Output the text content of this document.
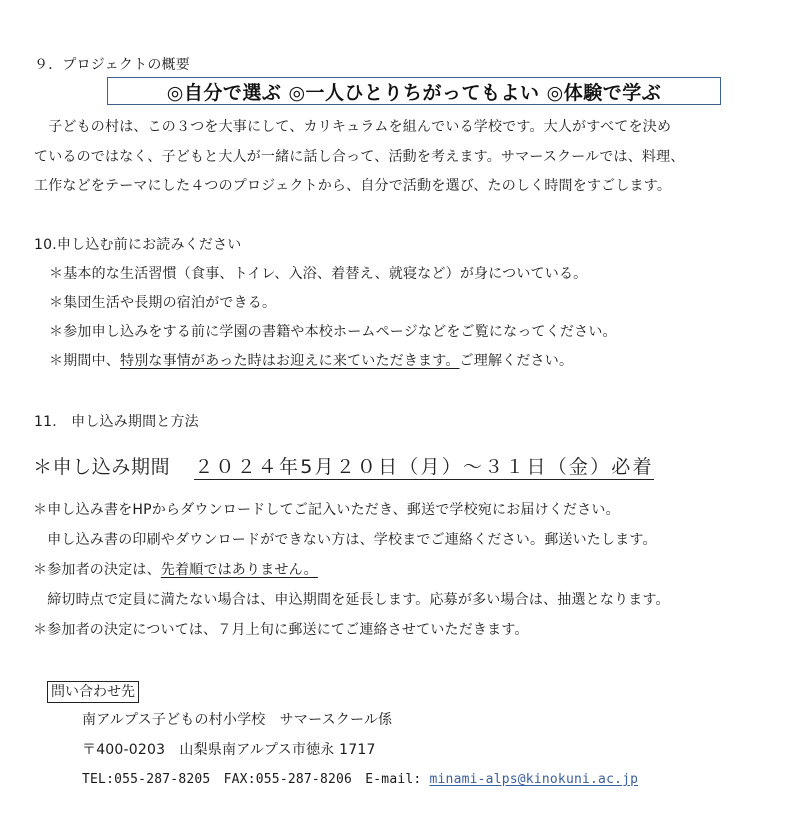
９．プロジェクトの概要
◎自分で選ぶ ◎一人ひとりちがってもよい ◎体験で学ぶ
　子どもの村は、この３つを大事にして、カリキュラムを組んでいる学校です。大人がすべてを決め
ているのではなく、子どもと大人が一緒に話し合って、活動を考えます。サマースクールでは、料理、
工作などをテーマにした４つのプロジェクトから、自分で活動を選び、たのしく時間をすごします。
10.申し込む前にお読みください
＊基本的な生活習慣（食事、トイレ、入浴、着替え、就寝など）が身についている。
＊集団生活や長期の宿泊ができる。
＊参加申し込みをする前に学園の書籍や本校ホームページなどをご覧になってください。
＊期間中、特別な事情があった時はお迎えに来ていただきます。ご理解ください。
11.　申し込み期間と方法
＊申し込み期間 ２０２４年5月２０日（月）～３１日（金）必着
＊申し込み書をHPからダウンロードしてご記入いただき、郵送で学校宛にお届けください。
　申し込み書の印刷やダウンロードができない方は、学校までご連絡ください。郵送いたします。
＊参加者の決定は、先着順ではありません。
　締切時点で定員に満たない場合は、申込期間を延長します。応募が多い場合は、抽選となります。
＊参加者の決定については、７月上旬に郵送にてご連絡させていただきます。
問い合わせ先
南アルプス子どもの村小学校　サマースクール係
〒400-0203　山梨県南アルプス市徳永 1717
TEL:055-287-8205　FAX:055-287-8206　E-mail: minami-alps@kinokuni.ac.jp
